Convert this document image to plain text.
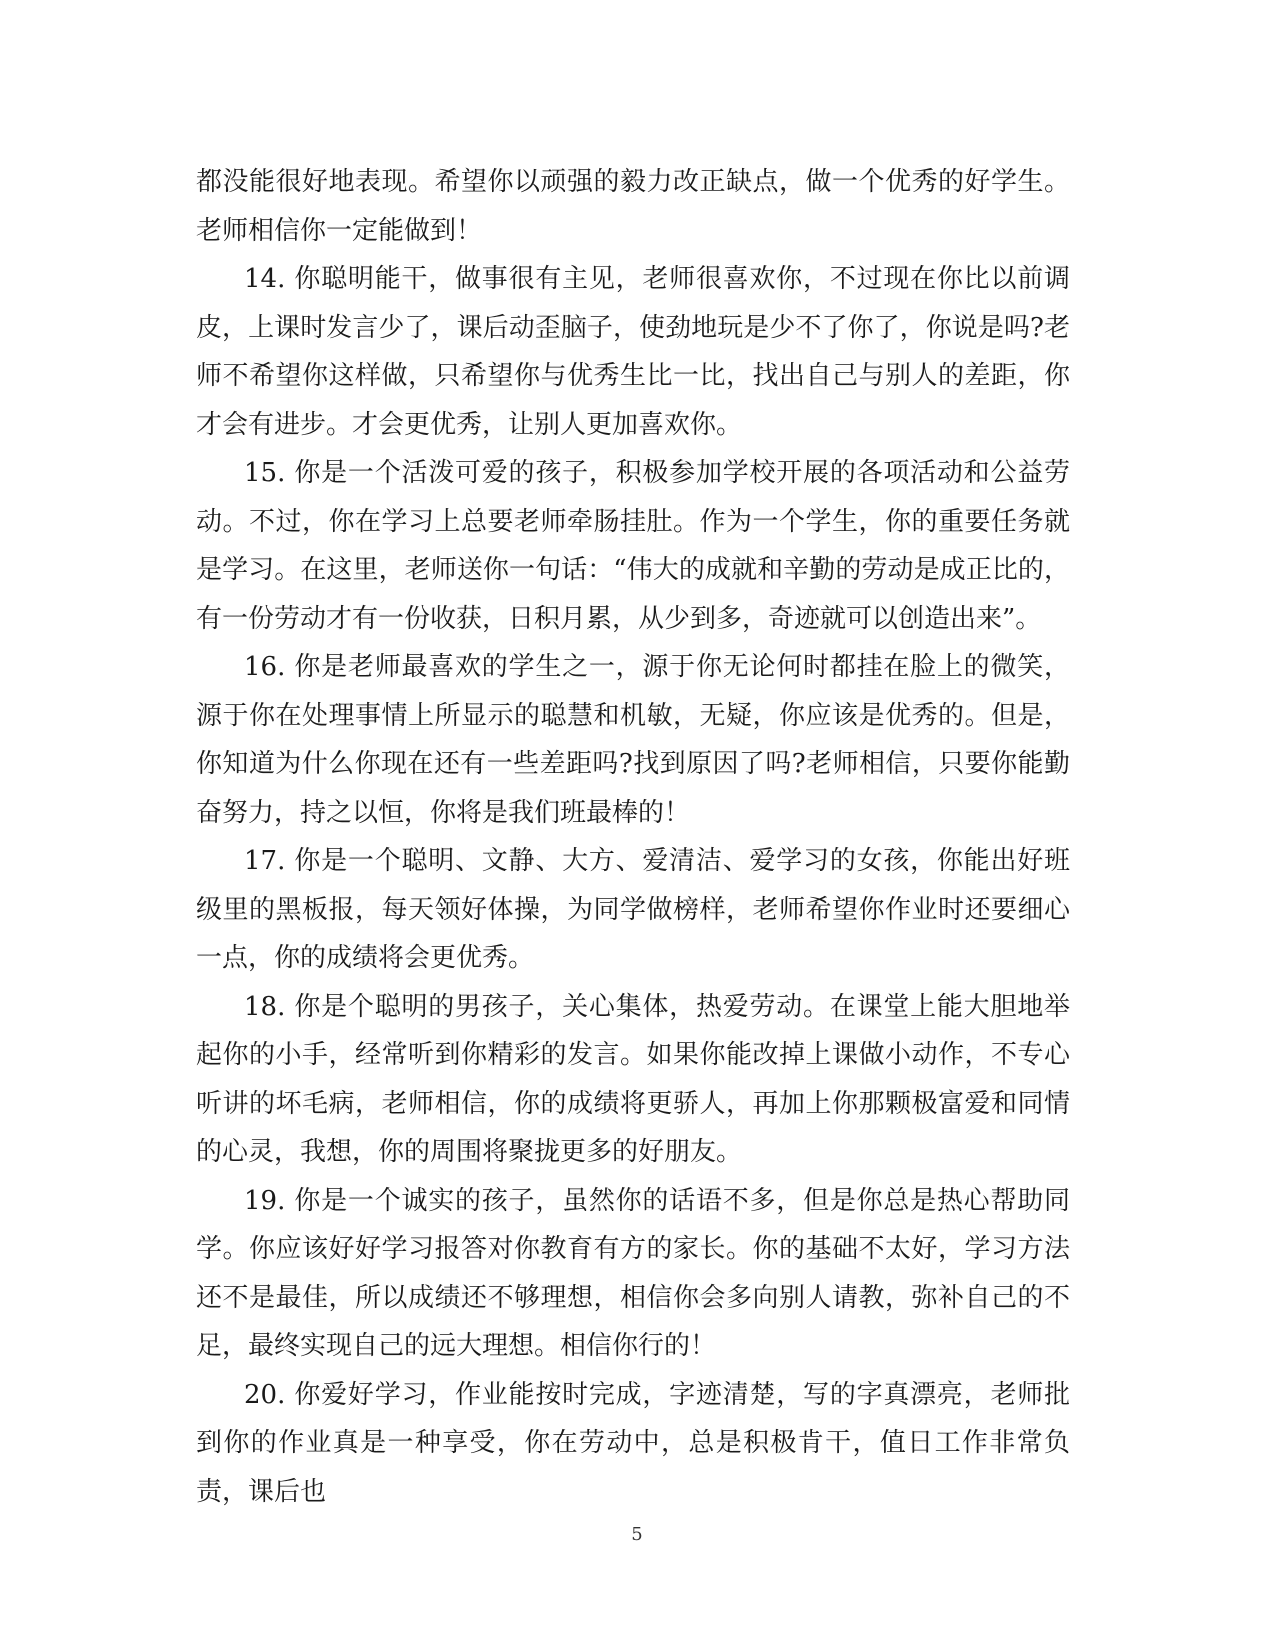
都没能很好地表现。希望你以顽强的毅力改正缺点，做一个优秀的好学生。老师相信你一定能做到！

14. 你聪明能干，做事很有主见，老师很喜欢你，不过现在你比以前调皮，上课时发言少了，课后动歪脑子，使劲地玩是少不了你了，你说是吗?老师不希望你这样做，只希望你与优秀生比一比，找出自己与别人的差距，你才会有进步。才会更优秀，让别人更加喜欢你。

15. 你是一个活泼可爱的孩子，积极参加学校开展的各项活动和公益劳动。不过，你在学习上总要老师牵肠挂肚。作为一个学生，你的重要任务就是学习。在这里，老师送你一句话：“伟大的成就和辛勤的劳动是成正比的，有一份劳动才有一份收获，日积月累，从少到多，奇迹就可以创造出来”。

16. 你是老师最喜欢的学生之一，源于你无论何时都挂在脸上的微笑，源于你在处理事情上所显示的聪慧和机敏，无疑，你应该是优秀的。但是，你知道为什么你现在还有一些差距吗?找到原因了吗?老师相信，只要你能勤奋努力，持之以恒，你将是我们班最棒的！

17. 你是一个聪明、文静、大方、爱清洁、爱学习的女孩，你能出好班级里的黑板报，每天领好体操，为同学做榜样，老师希望你作业时还要细心一点，你的成绩将会更优秀。

18. 你是个聪明的男孩子，关心集体，热爱劳动。在课堂上能大胆地举起你的小手，经常听到你精彩的发言。如果你能改掉上课做小动作，不专心听讲的坏毛病，老师相信，你的成绩将更骄人，再加上你那颗极富爱和同情的心灵，我想，你的周围将聚拢更多的好朋友。

19. 你是一个诚实的孩子，虽然你的话语不多，但是你总是热心帮助同学。你应该好好学习报答对你教育有方的家长。你的基础不太好，学习方法还不是最佳，所以成绩还不够理想，相信你会多向别人请教，弥补自己的不足，最终实现自己的远大理想。相信你行的！

20. 你爱好学习，作业能按时完成，字迹清楚，写的字真漂亮，老师批到你的作业真是一种享受，你在劳动中，总是积极肯干，值日工作非常负责，课后也

5
